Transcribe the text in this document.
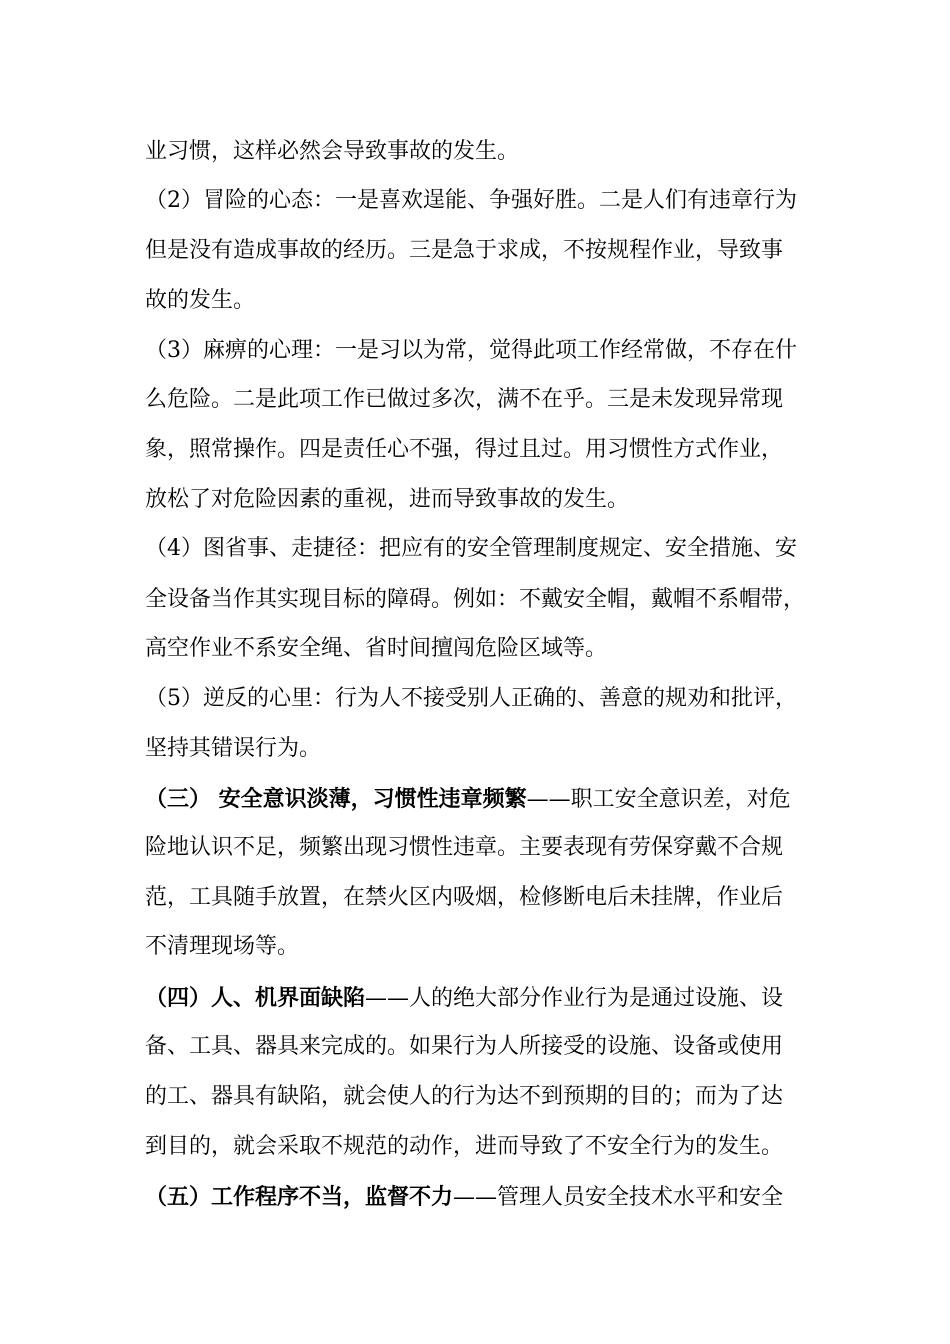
业习惯，这样必然会导致事故的发生。
（2）冒险的心态：一是喜欢逞能、争强好胜。二是人们有违章行为
但是没有造成事故的经历。三是急于求成，不按规程作业，导致事
故的发生。
（3）麻痹的心理：一是习以为常，觉得此项工作经常做，不存在什
么危险。二是此项工作已做过多次，满不在乎。三是未发现异常现
象，照常操作。四是责任心不强，得过且过。用习惯性方式作业，
放松了对危险因素的重视，进而导致事故的发生。
（4）图省事、走捷径：把应有的安全管理制度规定、安全措施、安
全设备当作其实现目标的障碍。例如：不戴安全帽，戴帽不系帽带，
高空作业不系安全绳、省时间擅闯危险区域等。
（5）逆反的心里：行为人不接受别人正确的、善意的规劝和批评，
坚持其错误行为。
（三） 安全意识淡薄，习惯性违章频繁——职工安全意识差，对危
险地认识不足，频繁出现习惯性违章。主要表现有劳保穿戴不合规
范，工具随手放置，在禁火区内吸烟，检修断电后未挂牌，作业后
不清理现场等。
（四）人、机界面缺陷——人的绝大部分作业行为是通过设施、设
备、工具、器具来完成的。如果行为人所接受的设施、设备或使用
的工、器具有缺陷，就会使人的行为达不到预期的目的；而为了达
到目的，就会采取不规范的动作，进而导致了不安全行为的发生。
（五）工作程序不当，监督不力——管理人员安全技术水平和安全
